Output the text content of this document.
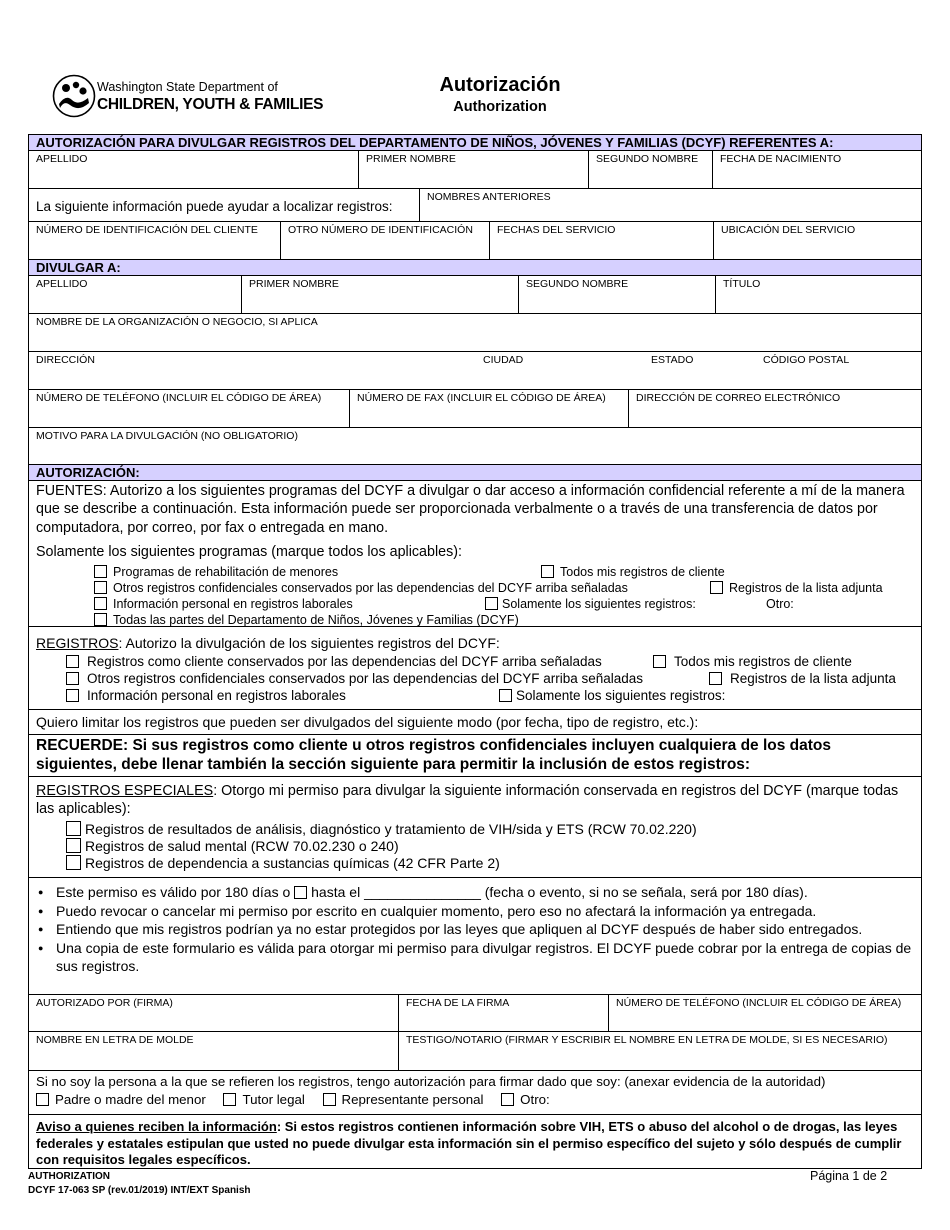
Washington State Department of
CHILDREN, YOUTH & FAMILIES
Autorización
Authorization
AUTORIZACIÓN PARA DIVULGAR REGISTROS DEL DEPARTAMENTO DE NIÑOS, JÓVENES Y FAMILIAS (DCYF) REFERENTES A:
APELLIDO	PRIMER NOMBRE	SEGUNDO NOMBRE	FECHA DE NACIMIENTO
La siguiente información puede ayudar a localizar registros:
NOMBRES ANTERIORES
NÚMERO DE IDENTIFICACIÓN DEL CLIENTE	OTRO NÚMERO DE IDENTIFICACIÓN	FECHAS DEL SERVICIO	UBICACIÓN DEL SERVICIO
DIVULGAR A:
APELLIDO	PRIMER NOMBRE	SEGUNDO NOMBRE	TÍTULO
NOMBRE DE LA ORGANIZACIÓN O NEGOCIO, SI APLICA
DIRECCIÓN	CIUDAD	ESTADO	CÓDIGO POSTAL
NÚMERO DE TELÉFONO (INCLUIR EL CÓDIGO DE ÁREA)	NÚMERO DE FAX (INCLUIR EL CÓDIGO DE ÁREA)	DIRECCIÓN DE CORREO ELECTRÓNICO
MOTIVO PARA LA DIVULGACIÓN (NO OBLIGATORIO)
AUTORIZACIÓN:

FUENTES: Autorizo a los siguientes programas del DCYF a divulgar o dar acceso a información confidencial referente a mí de la manera que se describe a continuación. Esta información puede ser proporcionada verbalmente o a través de una transferencia de datos por computadora, por correo, por fax o entregada en mano.

Solamente los siguientes programas (marque todos los aplicables):

Programas de rehabilitación de menores	Todos mis registros de cliente
Otros registros confidenciales conservados por las dependencias del DCYF arriba señaladas	Registros de la lista adjunta
Información personal en registros laborales	Solamente los siguientes registros:	Otro:
Todas las partes del Departamento de Niños, Jóvenes y Familias (DCYF)

REGISTROS: Autorizo la divulgación de los siguientes registros del DCYF:

Registros como cliente conservados por las dependencias del DCYF arriba señaladas	Todos mis registros de cliente
Otros registros confidenciales conservados por las dependencias del DCYF arriba señaladas	Registros de la lista adjunta
Información personal en registros laborales	Solamente los siguientes registros:

Quiero limitar los registros que pueden ser divulgados del siguiente modo (por fecha, tipo de registro, etc.):

RECUERDE: Si sus registros como cliente u otros registros confidenciales incluyen cualquiera de los datos siguientes, debe llenar también la sección siguiente para permitir la inclusión de estos registros:

REGISTROS ESPECIALES: Otorgo mi permiso para divulgar la siguiente información conservada en registros del DCYF (marque todas las aplicables):

Registros de resultados de análisis, diagnóstico y tratamiento de VIH/sida y ETS (RCW 70.02.220)
Registros de salud mental (RCW 70.02.230 o 240)
Registros de dependencia a sustancias químicas (42 CFR Parte 2)
● Este permiso es válido por 180 días o hasta el _______________ (fecha o evento, si no se señala, será por 180 días).
● Puedo revocar o cancelar mi permiso por escrito en cualquier momento, pero eso no afectará la información ya entregada.
● Entiendo que mis registros podrían ya no estar protegidos por las leyes que apliquen al DCYF después de haber sido entregados.
● Una copia de este formulario es válida para otorgar mi permiso para divulgar registros. El DCYF puede cobrar por la entrega de copias de sus registros.
AUTORIZADO POR (FIRMA)	FECHA DE LA FIRMA	NÚMERO DE TELÉFONO (INCLUIR EL CÓDIGO DE ÁREA)
NOMBRE EN LETRA DE MOLDE	TESTIGO/NOTARIO (FIRMAR Y ESCRIBIR EL NOMBRE EN LETRA DE MOLDE, SI ES NECESARIO)

Si no soy la persona a la que se refieren los registros, tengo autorización para firmar dado que soy: (anexar evidencia de la autoridad)

Padre o madre del menor	Tutor legal	Representante personal	Otro:
Aviso a quienes reciben la información: Si estos registros contienen información sobre VIH, ETS o abuso del alcohol o de drogas, las leyes federales y estatales estipulan que usted no puede divulgar esta información sin el permiso específico del sujeto y sólo después de cumplir con requisitos legales específicos.
AUTHORIZATION
DCYF 17-063 SP (rev.01/2019) INT/EXT Spanish
Página 1 de 2
